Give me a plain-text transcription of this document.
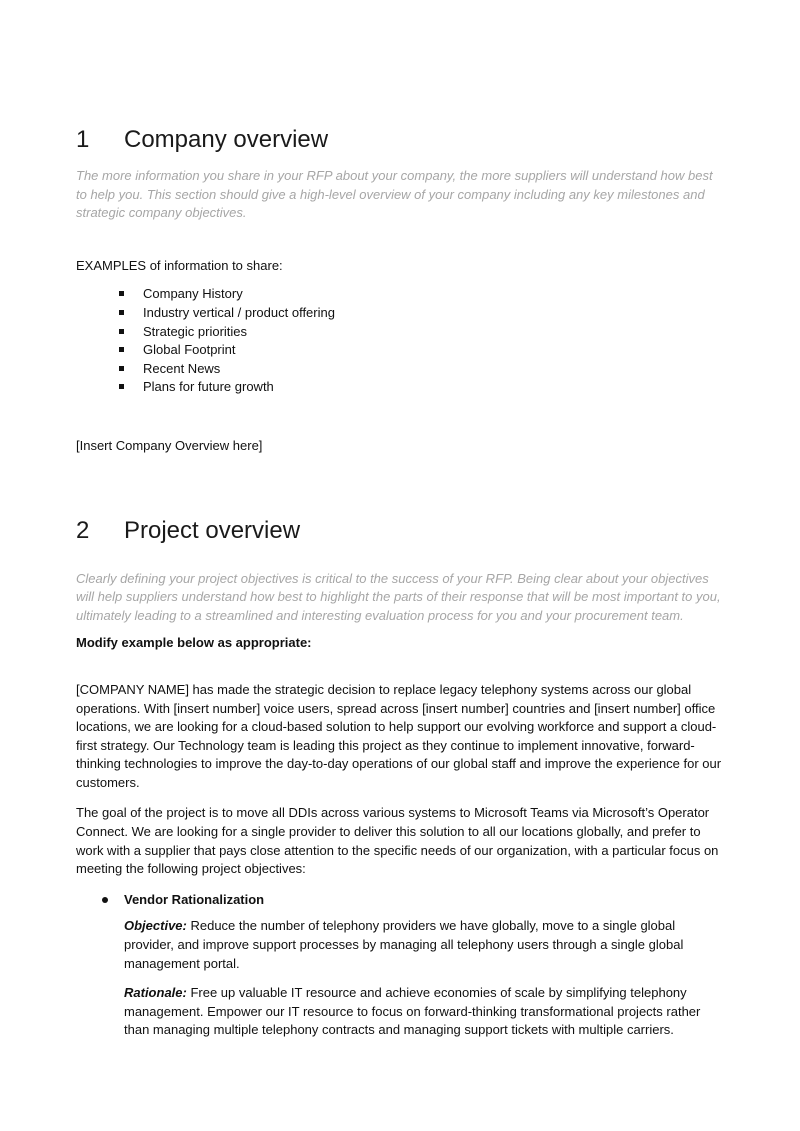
1	Company overview

The more information you share in your RFP about your company, the more suppliers will understand how best to help you. This section should give a high-level overview of your company including any key milestones and strategic company objectives.

EXAMPLES of information to share:

Company History
Industry vertical / product offering
Strategic priorities
Global Footprint
Recent News
Plans for future growth

[Insert Company Overview here]

2	Project overview

Clearly defining your project objectives is critical to the success of your RFP. Being clear about your objectives will help suppliers understand how best to highlight the parts of their response that will be most important to you, ultimately leading to a streamlined and interesting evaluation process for you and your procurement team.

Modify example below as appropriate:

[COMPANY NAME] has made the strategic decision to replace legacy telephony systems across our global operations. With [insert number] voice users, spread across [insert number] countries and [insert number] office locations, we are looking for a cloud-based solution to help support our evolving workforce and support a cloud-first strategy. Our Technology team is leading this project as they continue to implement innovative, forward-thinking technologies to improve the day-to-day operations of our global staff and improve the experience for our customers.

The goal of the project is to move all DDIs across various systems to Microsoft Teams via Microsoft’s Operator Connect. We are looking for a single provider to deliver this solution to all our locations globally, and prefer to work with a supplier that pays close attention to the specific needs of our organization, with a particular focus on meeting the following project objectives:

Vendor Rationalization

Objective: Reduce the number of telephony providers we have globally, move to a single global provider, and improve support processes by managing all telephony users through a single global management portal.

Rationale: Free up valuable IT resource and achieve economies of scale by simplifying telephony management. Empower our IT resource to focus on forward-thinking transformational projects rather than managing multiple telephony contracts and managing support tickets with multiple carriers.
